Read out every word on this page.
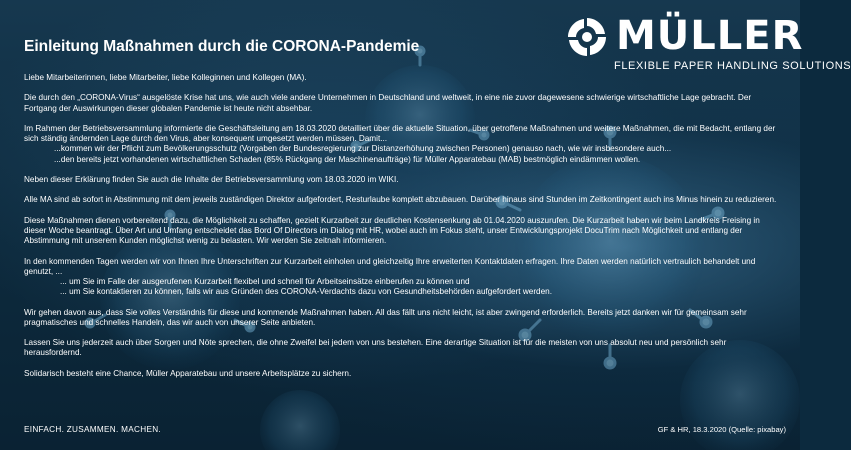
MÜLLER
FLEXIBLE PAPER HANDLING SOLUTIONS
Einleitung Maßnahmen durch die CORONA-Pandemie

Liebe Mitarbeiterinnen, liebe Mitarbeiter, liebe Kolleginnen und Kollegen (MA).

Die durch den „CORONA-Virus“ ausgelöste Krise hat uns, wie auch viele andere Unternehmen in Deutschland und weltweit, in eine nie zuvor dagewesene schwierige wirtschaftliche Lage gebracht. Der Fortgang der Auswirkungen dieser globalen Pandemie ist heute nicht absehbar.

Im Rahmen der Betriebsversammlung informierte die Geschäftsleitung am 18.03.2020 detailliert über die aktuelle Situation, über getroffene Maßnahmen und weitere Maßnahmen, die mit Bedacht, entlang der sich ständig ändernden Lage durch den Virus, aber konsequent umgesetzt werden müssen. Damit...

...kommen wir der Pflicht zum Bevölkerungsschutz (Vorgaben der Bundesregierung zur Distanzerhöhung zwischen Personen) genauso nach, wie wir insbesondere auch...
...den bereits jetzt vorhandenen wirtschaftlichen Schaden (85% Rückgang der Maschinenaufträge) für Müller Apparatebau (MAB) bestmöglich eindämmen wollen.

Neben dieser Erklärung finden Sie auch die Inhalte der Betriebsversammlung vom 18.03.2020 im WIKI.

Alle MA sind ab sofort in Abstimmung mit dem jeweils zuständigen Direktor aufgefordert, Resturlaube komplett abzubauen. Darüber hinaus sind Stunden im Zeitkontingent auch ins Minus hinein zu reduzieren.

Diese Maßnahmen dienen vorbereitend dazu, die Möglichkeit zu schaffen, gezielt Kurzarbeit zur deutlichen Kostensenkung ab 01.04.2020 auszurufen. Die Kurzarbeit haben wir beim Landkreis Freising in dieser Woche beantragt. Über Art und Umfang entscheidet das Bord Of Directors im Dialog mit HR, wobei auch im Fokus steht, unser Entwicklungsprojekt DocuTrim nach Möglichkeit und entlang der Abstimmung mit unserem Kunden möglichst wenig zu belasten. Wir werden Sie zeitnah informieren.

In den kommenden Tagen werden wir von Ihnen Ihre Unterschriften zur Kurzarbeit einholen und gleichzeitig Ihre erweiterten Kontaktdaten erfragen. Ihre Daten werden natürlich vertraulich behandelt und genutzt, ...

... um Sie im Falle der ausgerufenen Kurzarbeit flexibel und schnell für Arbeitseinsätze einberufen zu können und
... um Sie kontaktieren zu können, falls wir aus Gründen des CORONA-Verdachts dazu von Gesundheitsbehörden aufgefordert werden.

Wir gehen davon aus, dass Sie volles Verständnis für diese und kommende Maßnahmen haben. All das fällt uns nicht leicht, ist aber zwingend erforderlich. Bereits jetzt danken wir für gemeinsam sehr pragmatisches und schnelles Handeln, das wir auch von unserer Seite anbieten.

Lassen Sie uns jederzeit auch über Sorgen und Nöte sprechen, die ohne Zweifel bei jedem von uns bestehen. Eine derartige Situation ist für die meisten von uns absolut neu und persönlich sehr herausfordernd.

Solidarisch besteht eine Chance, Müller Apparatebau und unsere Arbeitsplätze zu sichern.

EINFACH. ZUSAMMEN. MACHEN.	GF & HR, 18.3.2020 (Quelle: pixabay)
